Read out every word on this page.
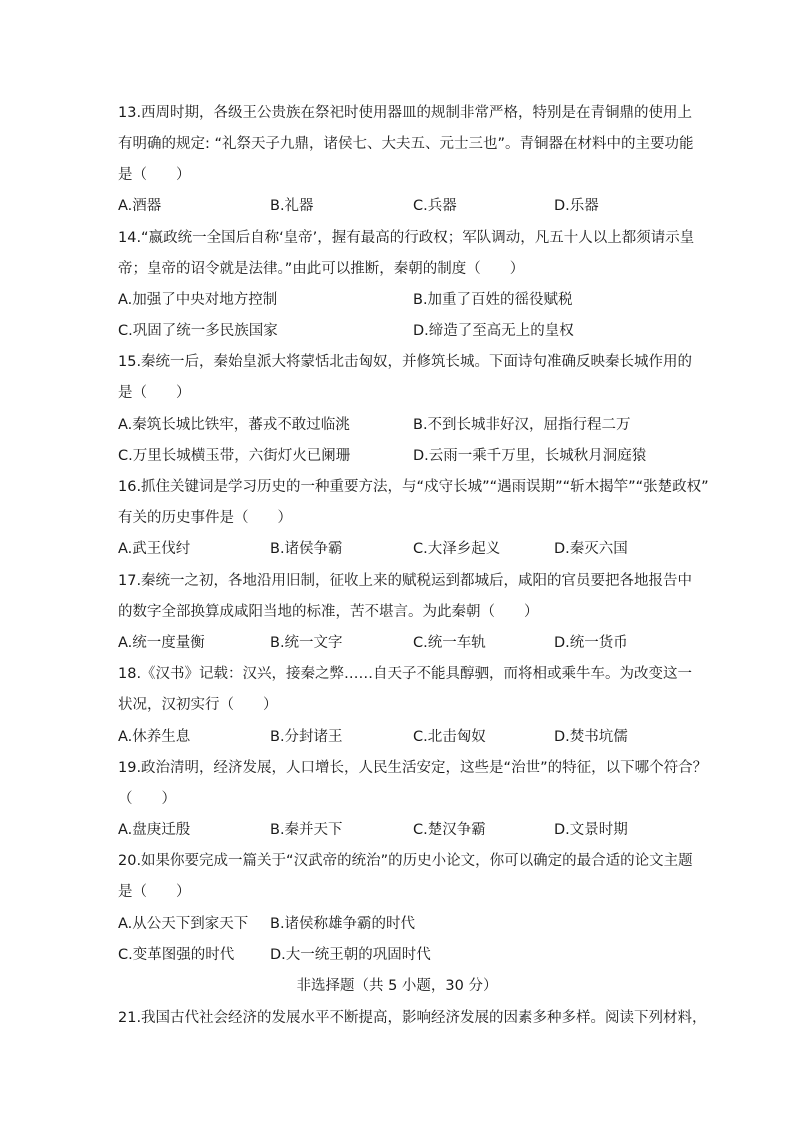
13.西周时期，各级王公贵族在祭祀时使用器皿的规制非常严格，特别是在青铜鼎的使用上
有明确的规定: “礼祭天子九鼎，诸侯七、大夫五、元士三也”。青铜器在材料中的主要功能
是（　　）
A.酒器	B.礼器	C.兵器	D.乐器
14.“嬴政统一全国后自称‘皇帝’，握有最高的行政权；军队调动，凡五十人以上都须请示皇
帝；皇帝的诏令就是法律。”由此可以推断，秦朝的制度（　　）
A.加强了中央对地方控制	B.加重了百姓的徭役赋税
C.巩固了统一多民族国家	D.缔造了至高无上的皇权
15.秦统一后，秦始皇派大将蒙恬北击匈奴，并修筑长城。下面诗句准确反映秦长城作用的
是（　　）
A.秦筑长城比铁牢，蕃戎不敢过临洮	B.不到长城非好汉，屈指行程二万
C.万里长城横玉带，六街灯火已阑珊	D.云雨一乘千万里，长城秋月洞庭猿
16.抓住关键词是学习历史的一种重要方法，与“戍守长城”“遇雨误期”“斩木揭竿”“张楚政权”
有关的历史事件是（　　）
A.武王伐纣	B.诸侯争霸	C.大泽乡起义	D.秦灭六国
17.秦统一之初，各地沿用旧制，征收上来的赋税运到都城后，咸阳的官员要把各地报告中
的数字全部换算成咸阳当地的标准，苦不堪言。为此秦朝（　　）
A.统一度量衡	B.统一文字	C.统一车轨	D.统一货币
18.《汉书》记载：汉兴，接秦之弊……自天子不能具醇驷，而将相或乘牛车。为改变这一
状况，汉初实行（　　）
A.休养生息	B.分封诸王	C.北击匈奴	D.焚书坑儒
19.政治清明，经济发展，人口增长，人民生活安定，这些是“治世”的特征，以下哪个符合？
（　　）
A.盘庚迁殷	B.秦并天下	C.楚汉争霸	D.文景时期
20.如果你要完成一篇关于“汉武帝的统治”的历史小论文，你可以确定的最合适的论文主题
是（　　）
A.从公天下到家天下 B.诸侯称雄争霸的时代
C.变革图强的时代 D.大一统王朝的巩固时代
非选择题（共 5 小题，30 分）
21.我国古代社会经济的发展水平不断提高，影响经济发展的因素多种多样。阅读下列材料，
